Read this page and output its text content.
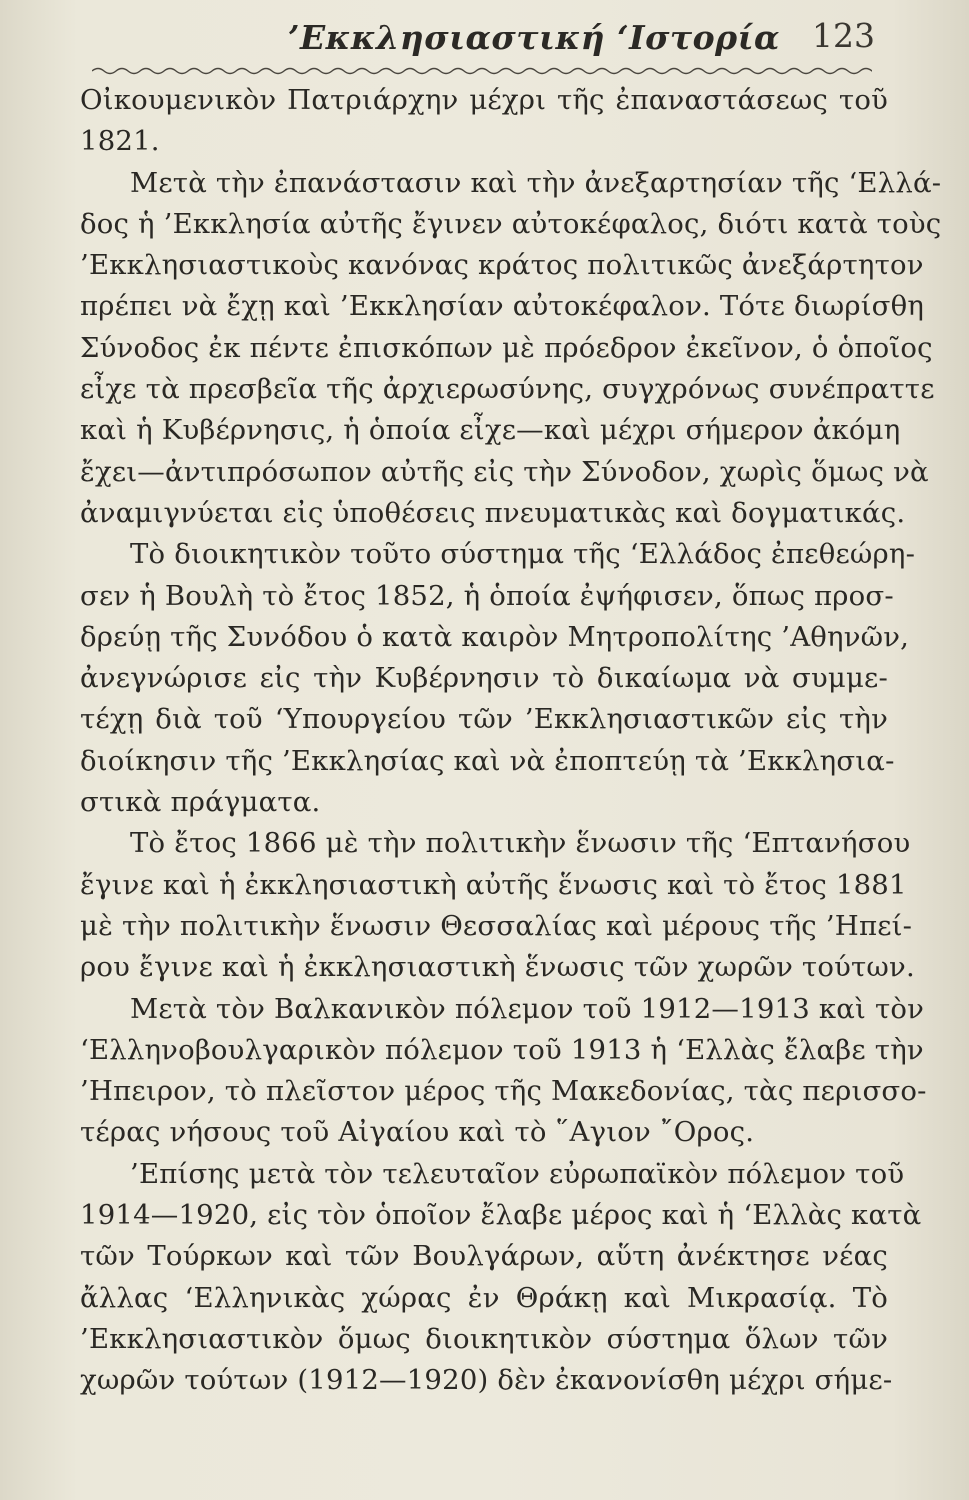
’Εκκλησιαστική ‘Ιστορία 123
Οἰκουμενικὸν Πατριάρχην μέχρι τῆς ἐπαναστάσεως τοῦ
1821.
Μετὰ τὴν ἐπανάστασιν καὶ τὴν ἀνεξαρτησίαν τῆς ‘Ελλά-
δος ἡ ’Εκκλησία αὐτῆς ἔγινεν αὐτοκέφαλος, διότι κατὰ τοὺς
’Εκκλησιαστικοὺς κανόνας κράτος πολιτικῶς ἀνεξάρτητον
πρέπει νὰ ἔχῃ καὶ ’Εκκλησίαν αὐτοκέφαλον. Τότε διωρίσθη
Σύνοδος ἐκ πέντε ἐπισκόπων μὲ πρόεδρον ἐκεῖνον, ὁ ὁποῖος
εἶχε τὰ πρεσβεῖα τῆς ἀρχιερωσύνης, συγχρόνως συνέπραττε
καὶ ἡ Κυβέρνησις, ἡ ὁποία εἶχε—καὶ μέχρι σήμερον ἀκόμη
ἔχει—ἀντιπρόσωπον αὐτῆς εἰς τὴν Σύνοδον, χωρὶς ὅμως νὰ
ἀναμιγνύεται εἰς ὑποθέσεις πνευματικὰς καὶ δογματικάς.
Τὸ διοικητικὸν τοῦτο σύστημα τῆς ‘Ελλάδος ἐπεθεώρη-
σεν ἡ Βουλὴ τὸ ἔτος 1852, ἡ ὁποία ἐψήφισεν, ὅπως προσ-
δρεύῃ τῆς Συνόδου ὁ κατὰ καιρὸν Μητροπολίτης ’Αθηνῶν,
ἀνεγνώρισε εἰς τὴν Κυβέρνησιν τὸ δικαίωμα νὰ συμμε-
τέχῃ διὰ τοῦ ‘Υπουργείου τῶν ’Εκκλησιαστικῶν εἰς τὴν
διοίκησιν τῆς ’Εκκλησίας καὶ νὰ ἐποπτεύῃ τὰ ’Εκκλησια-
στικὰ πράγματα.
Τὸ ἔτος 1866 μὲ τὴν πολιτικὴν ἕνωσιν τῆς ‘Επτανήσου
ἔγινε καὶ ἡ ἐκκλησιαστικὴ αὐτῆς ἕνωσις καὶ τὸ ἔτος 1881
μὲ τὴν πολιτικὴν ἕνωσιν Θεσσαλίας καὶ μέρους τῆς ’Ηπεί-
ρου ἔγινε καὶ ἡ ἐκκλησιαστικὴ ἕνωσις τῶν χωρῶν τούτων.
Μετὰ τὸν Βαλκανικὸν πόλεμον τοῦ 1912—1913 καὶ τὸν
‘Ελληνοβουλγαρικὸν πόλεμον τοῦ 1913 ἡ ‘Ελλὰς ἔλαβε τὴν
’Ηπειρον, τὸ πλεῖστον μέρος τῆς Μακεδονίας, τὰς περισσο-
τέρας νήσους τοῦ Αἰγαίου καὶ τὸ ῞Αγιον ῎Ορος.
’Επίσης μετὰ τὸν τελευταῖον εὐρωπαϊκὸν πόλεμον τοῦ
1914—1920, εἰς τὸν ὁποῖον ἔλαβε μέρος καὶ ἡ ‘Ελλὰς κατὰ
τῶν Τούρκων καὶ τῶν Βουλγάρων, αὕτη ἀνέκτησε νέας
ἄλλας ‘Ελληνικὰς χώρας ἐν Θράκῃ καὶ Μικρασίᾳ. Τὸ
’Εκκλησιαστικὸν ὅμως διοικητικὸν σύστημα ὅλων τῶν
χωρῶν τούτων (1912—1920) δὲν ἐκανονίσθη μέχρι σήμε-
